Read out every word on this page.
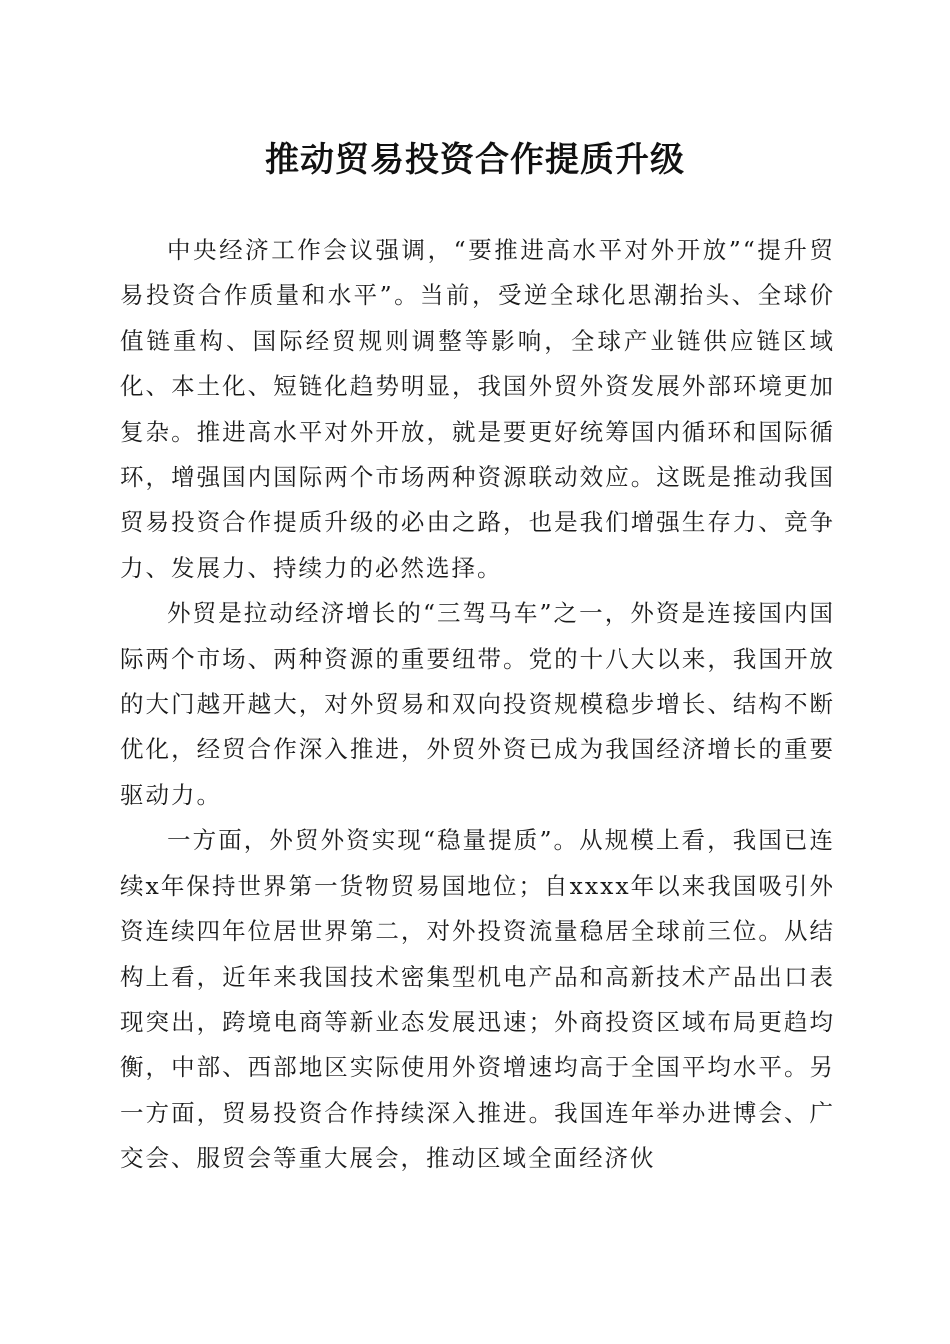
推动贸易投资合作提质升级

中央经济工作会议强调，“要推进高水平对外开放”“提升贸易投资合作质量和水平”。当前，受逆全球化思潮抬头、全球价值链重构、国际经贸规则调整等影响，全球产业链供应链区域化、本土化、短链化趋势明显，我国外贸外资发展外部环境更加复杂。推进高水平对外开放，就是要更好统筹国内循环和国际循环，增强国内国际两个市场两种资源联动效应。这既是推动我国贸易投资合作提质升级的必由之路，也是我们增强生存力、竞争力、发展力、持续力的必然选择。

外贸是拉动经济增长的“三驾马车”之一，外资是连接国内国际两个市场、两种资源的重要纽带。党的十八大以来，我国开放的大门越开越大，对外贸易和双向投资规模稳步增长、结构不断优化，经贸合作深入推进，外贸外资已成为我国经济增长的重要驱动力。

一方面，外贸外资实现“稳量提质”。从规模上看，我国已连续x年保持世界第一货物贸易国地位；自xxxx年以来我国吸引外资连续四年位居世界第二，对外投资流量稳居全球前三位。从结构上看，近年来我国技术密集型机电产品和高新技术产品出口表现突出，跨境电商等新业态发展迅速；外商投资区域布局更趋均衡，中部、西部地区实际使用外资增速均高于全国平均水平。另一方面，贸易投资合作持续深入推进。我国连年举办进博会、广交会、服贸会等重大展会，推动区域全面经济伙
